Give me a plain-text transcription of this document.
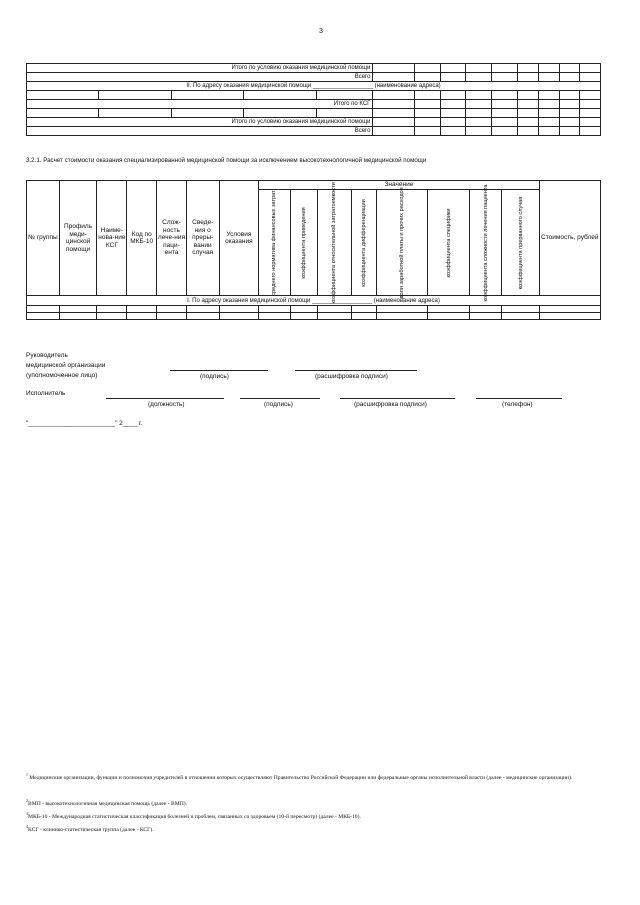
3
Итого по условию оказания медицинской помощи													
Всего													
II. По адресу оказания медицинской помощи __________________ (наименование адреса)													

Итого по КСГ													

Итого по условию оказания медицинской помощи													
Всего													
3.2.1. Расчет стоимости оказания специализированной медицинской помощи за исключением высокотехнологичной медицинской помощи
№ группы	Профиль меди-цинской помощи	Наиме-нова-ние КСГ	Код по МКБ-10	Слож-ность лече-ния паци-ента	Сведе-ния о преры-вании случая	Условия оказания	Значение								Стоимость, рублей

							среднего норматива финансовых затрат	коэффициента приведения	коэффициента относительной затратоемкости	коэффициента дифференциации	доли заработной платы и прочих расходов	коэффициента специфики	коэффициента сложности лечения пациента	коэффициента прерванного случая	

I. По адресу оказания медицинской помощи __________________ (наименование адреса)															

Руководитель
медицинской организации
(уполномоченное лицо)	(подпись)	(расшифровка подписи)
Исполнитель
(должность)	(подпись)	(расшифровка подписи)	(телефон)
"________________________" 2____ г.
$^1$ Медицинские организации, функции и полномочия учредителей в отношении которых осуществляют Правительство Российской Федерации или федеральные органы исполнительной власти (далее - медицинские организации).
$^2$ВМП - высокотехнологичная медицинская помощь (далее - ВМП).
$^3$МКБ-10 - Международная статистическая классификация болезней и проблем, связанных со здоровьем (10-й пересмотр) (далее - МКБ-10).
$^4$КСГ - клинико-статистическая группа (далее - КСГ).
